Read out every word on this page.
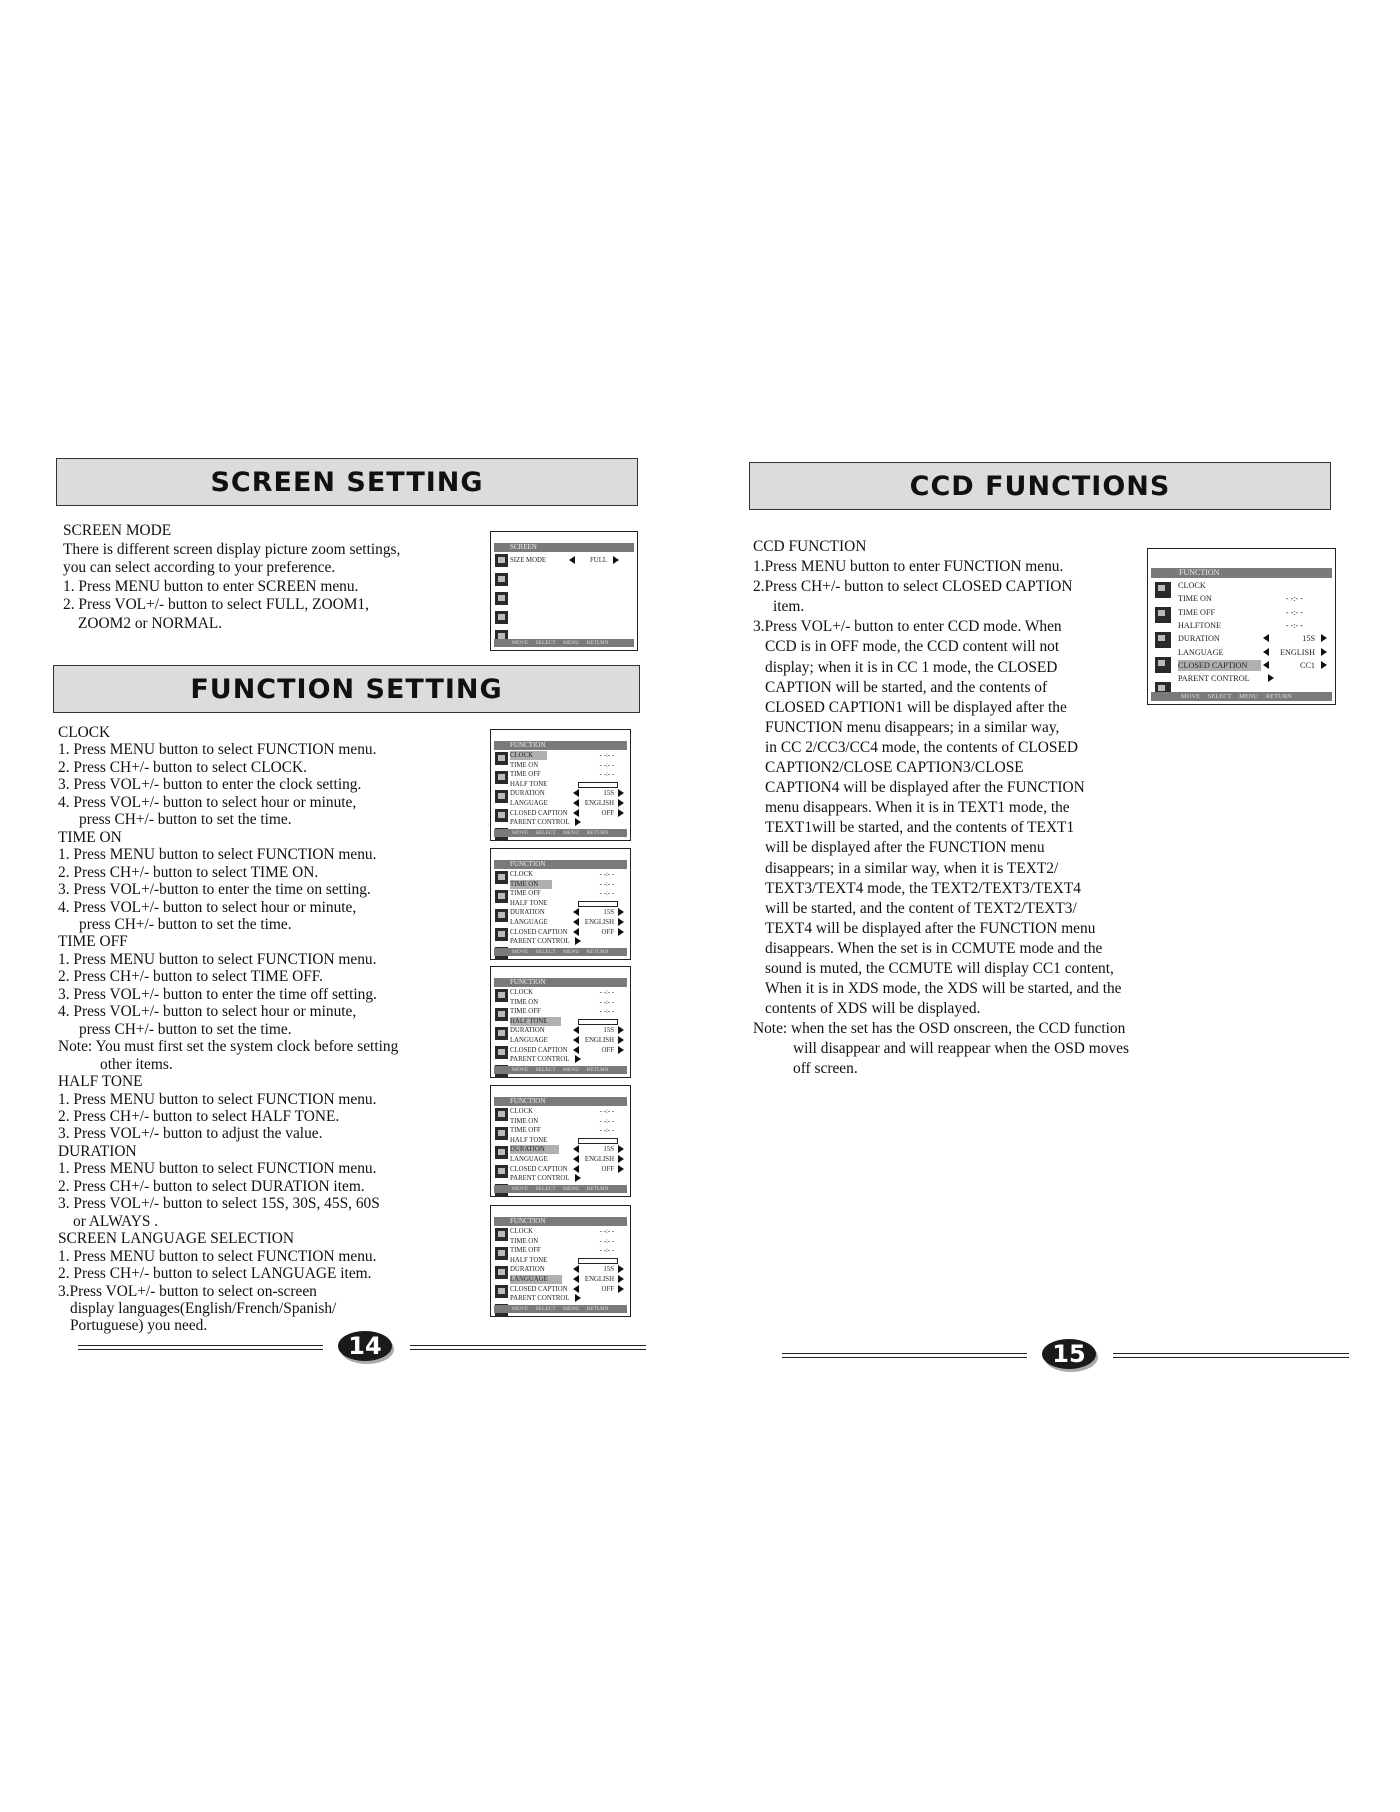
SCREEN SETTING
SCREEN MODE
There is different screen display picture zoom settings,
you can select according to your preference.
1. Press MENU button to enter SCREEN menu.
2. Press VOL+/- button to select FULL, ZOOM1,
ZOOM2 or NORMAL.
SCREEN
SIZE MODE	FULL
MOVE SELECT MENU RETURN
FUNCTION SETTING
CLOCK
1. Press MENU button to select FUNCTION menu.
2. Press CH+/- button to select CLOCK.
3. Press VOL+/- button to enter the clock setting.
4. Press VOL+/- button to select hour or minute,
press CH+/- button to set the time.
TIME ON
1. Press MENU button to select FUNCTION menu.
2. Press CH+/- button to select TIME ON.
3. Press VOL+/-button to enter the time on setting.
4. Press VOL+/- button to select hour or minute,
press CH+/- button to set the time.
TIME OFF
1. Press MENU button to select FUNCTION menu.
2. Press CH+/- button to select TIME OFF.
3. Press VOL+/- button to enter the time off setting.
4. Press VOL+/- button to select hour or minute,
press CH+/- button to set the time.
Note: You must first set the system clock before setting
other items.
HALF TONE
1. Press MENU button to select FUNCTION menu.
2. Press CH+/- button to select HALF TONE.
3. Press VOL+/- button to adjust the value.
DURATION
1. Press MENU button to select FUNCTION menu.
2. Press CH+/- button to select DURATION item.
3. Press VOL+/- button to select 15S, 30S, 45S, 60S
or ALWAYS .
SCREEN LANGUAGE SELECTION
1. Press MENU button to select FUNCTION menu.
2. Press CH+/- button to select LANGUAGE item.
3.Press VOL+/- button to select on-screen
display languages(English/French/Spanish/
Portuguese) you need.
FUNCTION
CLOCK	- -:- -
TIME ON	- -:- -
TIME OFF	- -:- -
HALF TONE
DURATION	15S
LANGUAGE	ENGLISH
CLOSED CAPTION	OFF
PARENT CONTROL
MOVE SELECT MENU RETURN
FUNCTION
CLOCK	- -:- -
TIME ON	- -:- -
TIME OFF	- -:- -
HALF TONE
DURATION	15S
LANGUAGE	ENGLISH
CLOSED CAPTION	OFF
PARENT CONTROL
MOVE SELECT MENU RETURN
FUNCTION
CLOCK	- -:- -
TIME ON	- -:- -
TIME OFF	- -:- -
HALF TONE
DURATION	15S
LANGUAGE	ENGLISH
CLOSED CAPTION	OFF
PARENT CONTROL
MOVE SELECT MENU RETURN
FUNCTION
CLOCK	- -:- -
TIME ON	- -:- -
TIME OFF	- -:- -
HALF TONE
DURATION	15S
LANGUAGE	ENGLISH
CLOSED CAPTION	OFF
PARENT CONTROL
MOVE SELECT MENU RETURN
FUNCTION
CLOCK	- -:- -
TIME ON	- -:- -
TIME OFF	- -:- -
HALF TONE
DURATION	15S
LANGUAGE	ENGLISH
CLOSED CAPTION	OFF
PARENT CONTROL
MOVE SELECT MENU RETURN
14
CCD FUNCTIONS
CCD FUNCTION
1.Press MENU button to enter FUNCTION menu.
2.Press CH+/- button to select CLOSED CAPTION
item.
3.Press VOL+/- button to enter CCD mode. When
CCD is in OFF mode, the CCD content will not
display; when it is in CC 1 mode, the CLOSED
CAPTION will be started, and the contents of
CLOSED CAPTION1 will be displayed after the
FUNCTION menu disappears; in a similar way,
in CC 2/CC3/CC4 mode, the contents of CLOSED
CAPTION2/CLOSE CAPTION3/CLOSE
CAPTION4 will be displayed after the FUNCTION
menu disappears. When it is in TEXT1 mode, the
TEXT1will be started, and the contents of TEXT1
will be displayed after the FUNCTION menu
disappears; in a similar way, when it is TEXT2/
TEXT3/TEXT4 mode, the TEXT2/TEXT3/TEXT4
will be started, and the content of TEXT2/TEXT3/
TEXT4 will be displayed after the FUNCTION menu
disappears. When the set is in CCMUTE mode and the
sound is muted, the CCMUTE will display CC1 content,
When it is in XDS mode, the XDS will be started, and the
contents of XDS will be displayed.
Note: when the set has the OSD onscreen, the CCD function
will disappear and will reappear when the OSD moves
off screen.
FUNCTION
CLOCK
TIME ON	- -:- -
TIME OFF	- -:- -
HALFTONE	- -:- -
DURATION	15S
LANGUAGE	ENGLISH
CLOSED CAPTION	CC1
PARENT CONTROL
MOVE SELECT MENU RETURN
15
